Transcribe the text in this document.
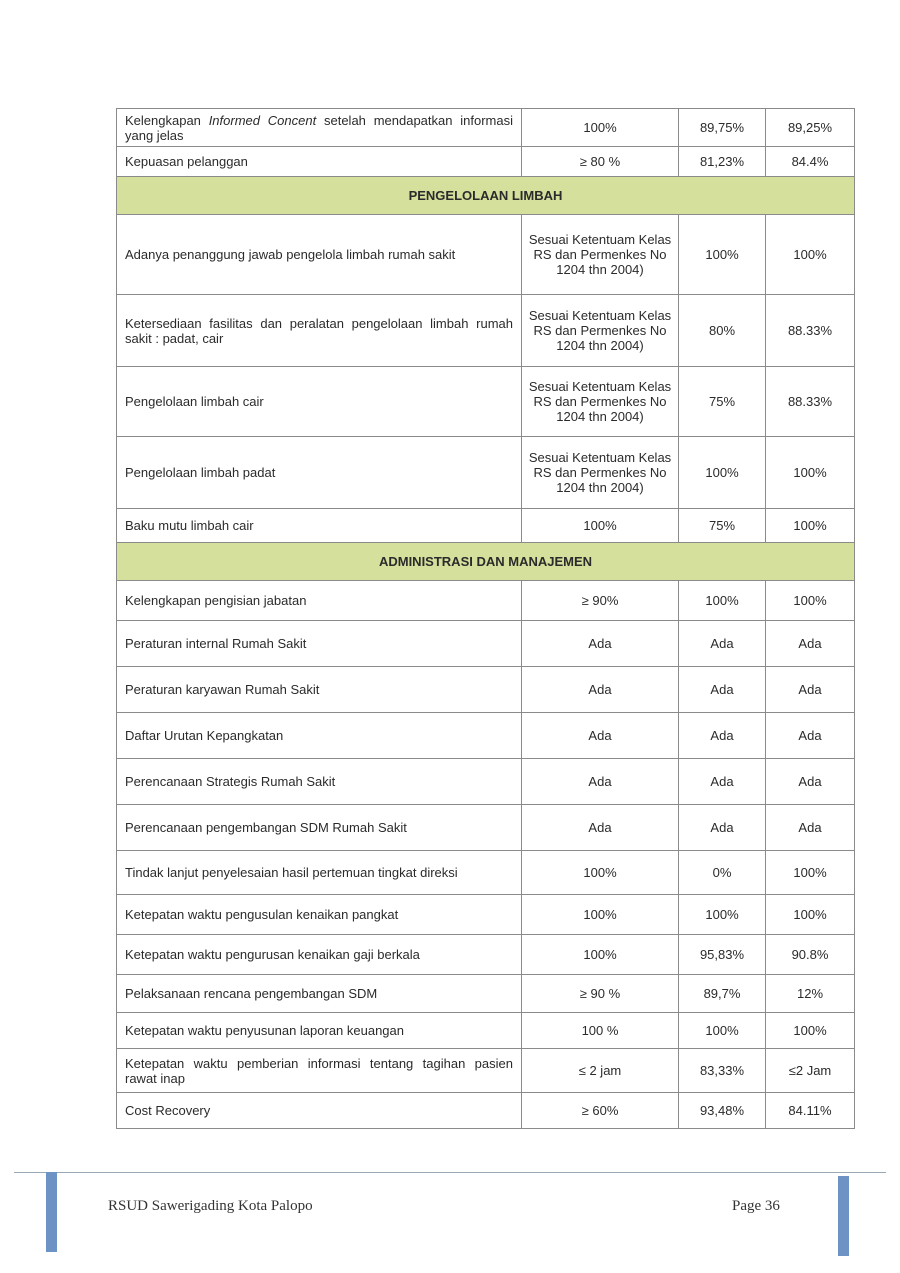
Kelengkapan Informed Concent setelah mendapatkan informasi yang jelas	100%	89,75%	89,25%
Kepuasan pelanggan	≥ 80 %	81,23%	84.4%
PENGELOLAAN LIMBAH			
Adanya penanggung jawab pengelola limbah rumah sakit	Sesuai Ketentuam Kelas RS dan Permenkes No 1204 thn 2004)	100%	100%
Ketersediaan fasilitas dan peralatan pengelolaan limbah rumah sakit : padat, cair	Sesuai Ketentuam Kelas RS dan Permenkes No 1204 thn 2004)	80%	88.33%
Pengelolaan limbah cair	Sesuai Ketentuam Kelas RS dan Permenkes No 1204 thn 2004)	75%	88.33%
Pengelolaan limbah padat	Sesuai Ketentuam Kelas RS dan Permenkes No 1204 thn 2004)	100%	100%
Baku mutu limbah cair	100%	75%	100%
ADMINISTRASI DAN MANAJEMEN			
Kelengkapan pengisian jabatan	≥ 90%	100%	100%
Peraturan internal Rumah Sakit	Ada	Ada	Ada
Peraturan karyawan Rumah Sakit	Ada	Ada	Ada
Daftar Urutan Kepangkatan	Ada	Ada	Ada
Perencanaan Strategis Rumah Sakit	Ada	Ada	Ada
Perencanaan pengembangan SDM Rumah Sakit	Ada	Ada	Ada
Tindak lanjut penyelesaian hasil pertemuan tingkat direksi	100%	0%	100%
Ketepatan waktu pengusulan kenaikan pangkat	100%	100%	100%
Ketepatan waktu pengurusan kenaikan gaji berkala	100%	95,83%	90.8%
Pelaksanaan rencana pengembangan SDM	≥ 90 %	89,7%	12%
Ketepatan waktu penyusunan laporan keuangan	100 %	100%	100%
Ketepatan waktu pemberian informasi tentang tagihan pasien rawat inap	≤ 2 jam	83,33%	≤2 Jam
Cost Recovery	≥ 60%	93,48%	84.11%
RSUD Sawerigading Kota Palopo	Page 36
